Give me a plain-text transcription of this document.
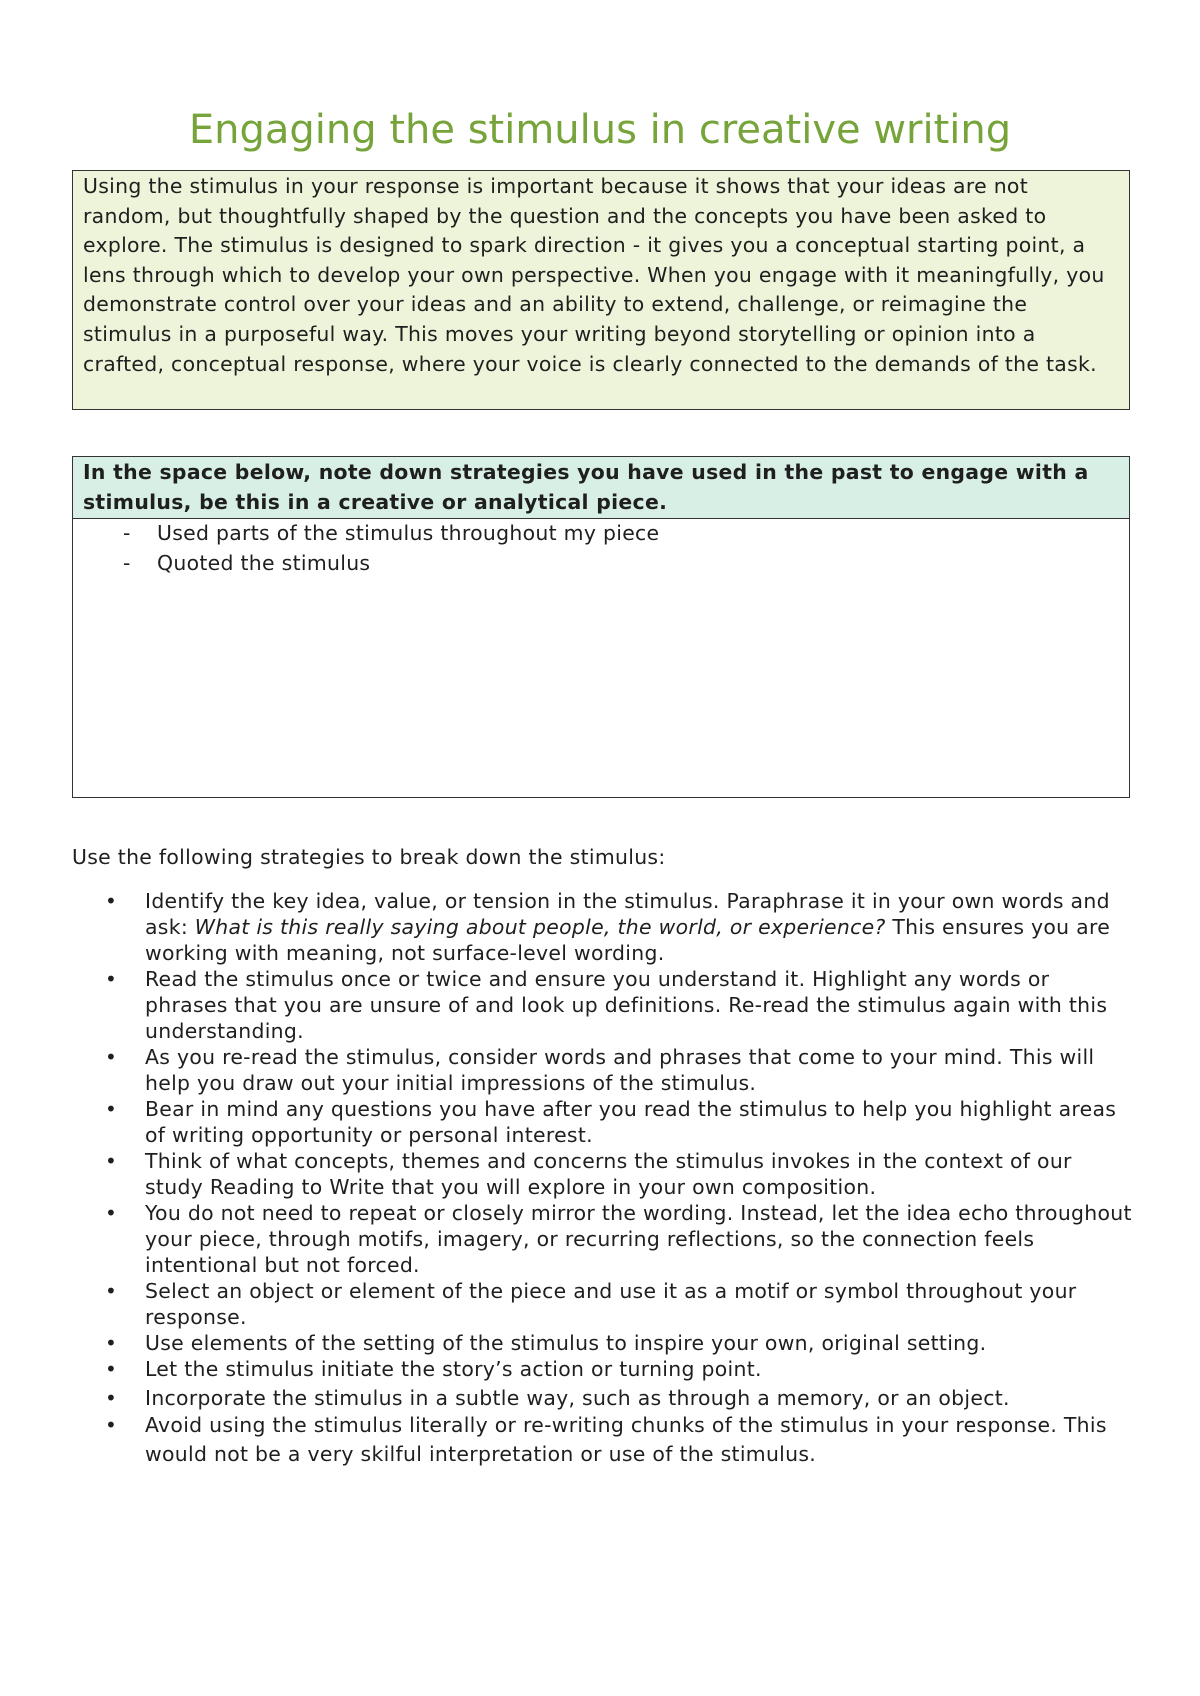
Engaging the stimulus in creative writing
Using the stimulus in your response is important because it shows that your ideas are not random, but thoughtfully shaped by the question and the concepts you have been asked to explore. The stimulus is designed to spark direction - it gives you a conceptual starting point, a lens through which to develop your own perspective. When you engage with it meaningfully, you demonstrate control over your ideas and an ability to extend, challenge, or reimagine the stimulus in a purposeful way. This moves your writing beyond storytelling or opinion into a crafted, conceptual response, where your voice is clearly connected to the demands of the task.
In the space below, note down strategies you have used in the past to engage with a stimulus, be this in a creative or analytical piece.
- Used parts of the stimulus throughout my piece
- Quoted the stimulus
Use the following strategies to break down the stimulus:
• Identify the key idea, value, or tension in the stimulus. Paraphrase it in your own words and ask: What is this really saying about people, the world, or experience? This ensures you are working with meaning, not surface-level wording.
• Read the stimulus once or twice and ensure you understand it. Highlight any words or phrases that you are unsure of and look up definitions. Re-read the stimulus again with this understanding.
• As you re-read the stimulus, consider words and phrases that come to your mind. This will help you draw out your initial impressions of the stimulus.
• Bear in mind any questions you have after you read the stimulus to help you highlight areas of writing opportunity or personal interest.
• Think of what concepts, themes and concerns the stimulus invokes in the context of our study Reading to Write that you will explore in your own composition.
• You do not need to repeat or closely mirror the wording. Instead, let the idea echo throughout your piece, through motifs, imagery, or recurring reflections, so the connection feels intentional but not forced.
• Select an object or element of the piece and use it as a motif or symbol throughout your response.
• Use elements of the setting of the stimulus to inspire your own, original setting.
• Let the stimulus initiate the story’s action or turning point.
• Incorporate the stimulus in a subtle way, such as through a memory, or an object.
• Avoid using the stimulus literally or re-writing chunks of the stimulus in your response. This would not be a very skilful interpretation or use of the stimulus.
